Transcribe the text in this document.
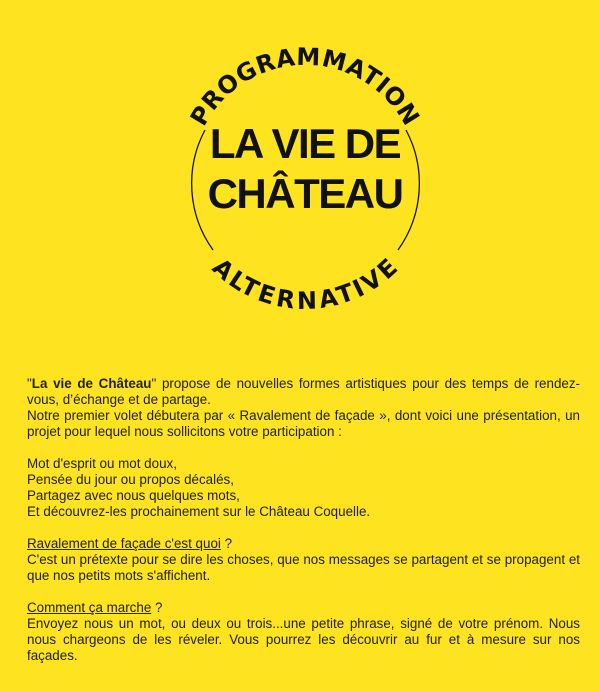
PROGRAMMATION
LA VIE DE
CHÂTEAU
ALTERNATIVE

"La vie de Château" propose de nouvelles formes artistiques pour des temps de rendez-vous, d’échange et de partage.

Notre premier volet débutera par « Ravalement de façade », dont voici une présentation, un projet pour lequel nous sollicitons votre participation :

Mot d'esprit ou mot doux,

Pensée du jour ou propos décalés,

Partagez avec nous quelques mots,

Et découvrez-les prochainement sur le Château Coquelle.

Ravalement de façade c'est quoi ?

C'est un prétexte pour se dire les choses, que nos messages se partagent et se propagent et que nos petits mots s'affichent.

Comment ça marche ?

Envoyez nous un mot, ou deux ou trois...une petite phrase, signé de votre prénom. Nous nous chargeons de les réveler. Vous pourrez les découvrir au fur et à mesure sur nos façades.
